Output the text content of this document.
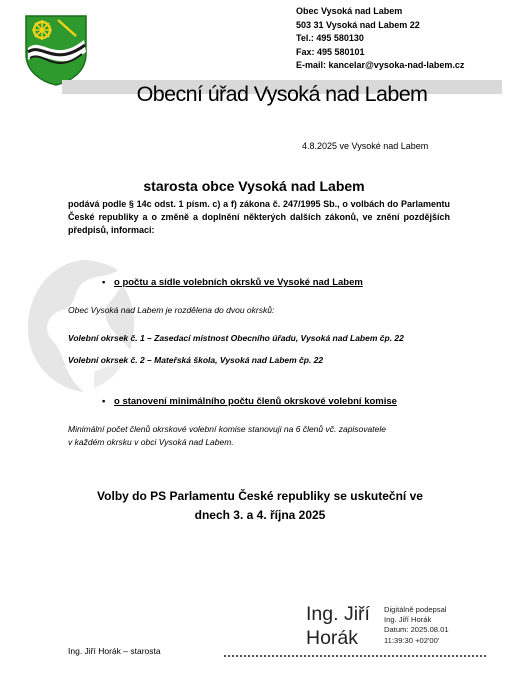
Obec Vysoká nad Labem
503 31 Vysoká nad Labem 22
Tel.: 495 580130
Fax: 495 580101
E-mail: kancelar@vysoka-nad-labem.cz
Obecní úřad Vysoká nad Labem
4.8.2025 ve Vysoké nad Labem
starosta obce Vysoká nad Labem
podává podle § 14c odst. 1 písm. c) a f) zákona č. 247/1995 Sb., o volbách do Parlamentu České republiky a o změně a doplnění některých dalších zákonů, ve znění pozdějších předpisů, informaci:
• o počtu a sídle volebních okrsků ve Vysoké nad Labem
Obec Vysoká nad Labem je rozdělena do dvou okrsků:
Volební okrsek č. 1 – Zasedací místnost Obecního úřadu, Vysoká nad Labem čp. 22
Volební okrsek č. 2 – Mateřská škola, Vysoká nad Labem čp. 22
• o stanovení minimálního počtu členů okrskové volební komise
Minimální počet členů okrskové volební komise stanovuji na 6 členů vč. zapisovatele
v každém okrsku v obci Vysoká nad Labem.
Volby do PS Parlamentu České republiky se uskuteční ve
dnech 3. a 4. října 2025
Ing. Jiří
Horák
Digitálně podepsal
Ing. Jiří Horák
Datum: 2025.08.01
11:39:30 +02'00'
Ing. Jiří Horák – starosta
